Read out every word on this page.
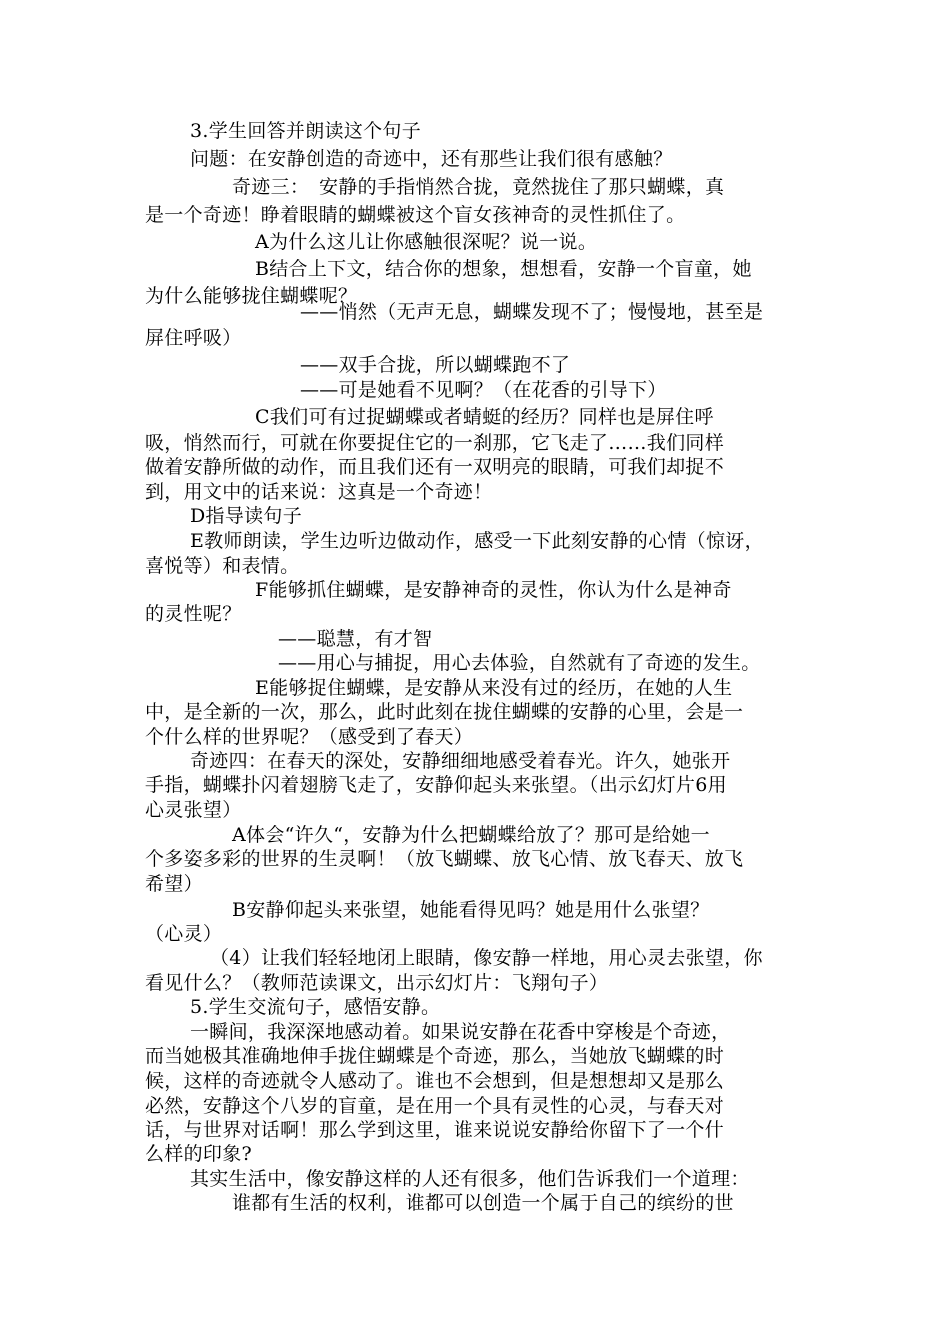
3.学生回答并朗读这个句子
问题：在安静创造的奇迹中，还有那些让我们很有感触？
奇迹三：　安静的手指悄然合拢，竟然拢住了那只蝴蝶，真
是一个奇迹！睁着眼睛的蝴蝶被这个盲女孩神奇的灵性抓住了。
A为什么这儿让你感触很深呢？说一说。
B结合上下文，结合你的想象，想想看，安静一个盲童，她
为什么能够拢住蝴蝶呢？
——悄然（无声无息，蝴蝶发现不了；慢慢地，甚至是
屏住呼吸）
——双手合拢，所以蝴蝶跑不了
——可是她看不见啊？（在花香的引导下）
C我们可有过捉蝴蝶或者蜻蜓的经历？同样也是屏住呼
吸，悄然而行，可就在你要捉住它的一刹那，它飞走了……我们同样
做着安静所做的动作，而且我们还有一双明亮的眼睛，可我们却捉不
到，用文中的话来说：这真是一个奇迹！
D指导读句子
E教师朗读，学生边听边做动作，感受一下此刻安静的心情（惊讶，
喜悦等）和表情。
F能够抓住蝴蝶，是安静神奇的灵性，你认为什么是神奇
的灵性呢？
——聪慧，有才智
——用心与捕捉，用心去体验，自然就有了奇迹的发生。
E能够捉住蝴蝶，是安静从来没有过的经历，在她的人生
中，是全新的一次，那么，此时此刻在拢住蝴蝶的安静的心里，会是一
个什么样的世界呢？（感受到了春天）
奇迹四：在春天的深处，安静细细地感受着春光。许久，她张开
手指，蝴蝶扑闪着翅膀飞走了，安静仰起头来张望。（出示幻灯片6用
心灵张望）
A体会“许久“，安静为什么把蝴蝶给放了？那可是给她一
个多姿多彩的世界的生灵啊！（放飞蝴蝶、放飞心情、放飞春天、放飞
希望）
B安静仰起头来张望，她能看得见吗？她是用什么张望？
（心灵）
（4）让我们轻轻地闭上眼睛，像安静一样地，用心灵去张望，你
看见什么？（教师范读课文，出示幻灯片：飞翔句子）
5.学生交流句子，感悟安静。
一瞬间，我深深地感动着。如果说安静在花香中穿梭是个奇迹，
而当她极其准确地伸手拢住蝴蝶是个奇迹，那么，当她放飞蝴蝶的时
候，这样的奇迹就令人感动了。谁也不会想到，但是想想却又是那么
必然，安静这个八岁的盲童，是在用一个具有灵性的心灵，与春天对
话，与世界对话啊！那么学到这里，谁来说说安静给你留下了一个什
么样的印象?
其实生活中，像安静这样的人还有很多，他们告诉我们一个道理：
谁都有生活的权利，谁都可以创造一个属于自己的缤纷的世
